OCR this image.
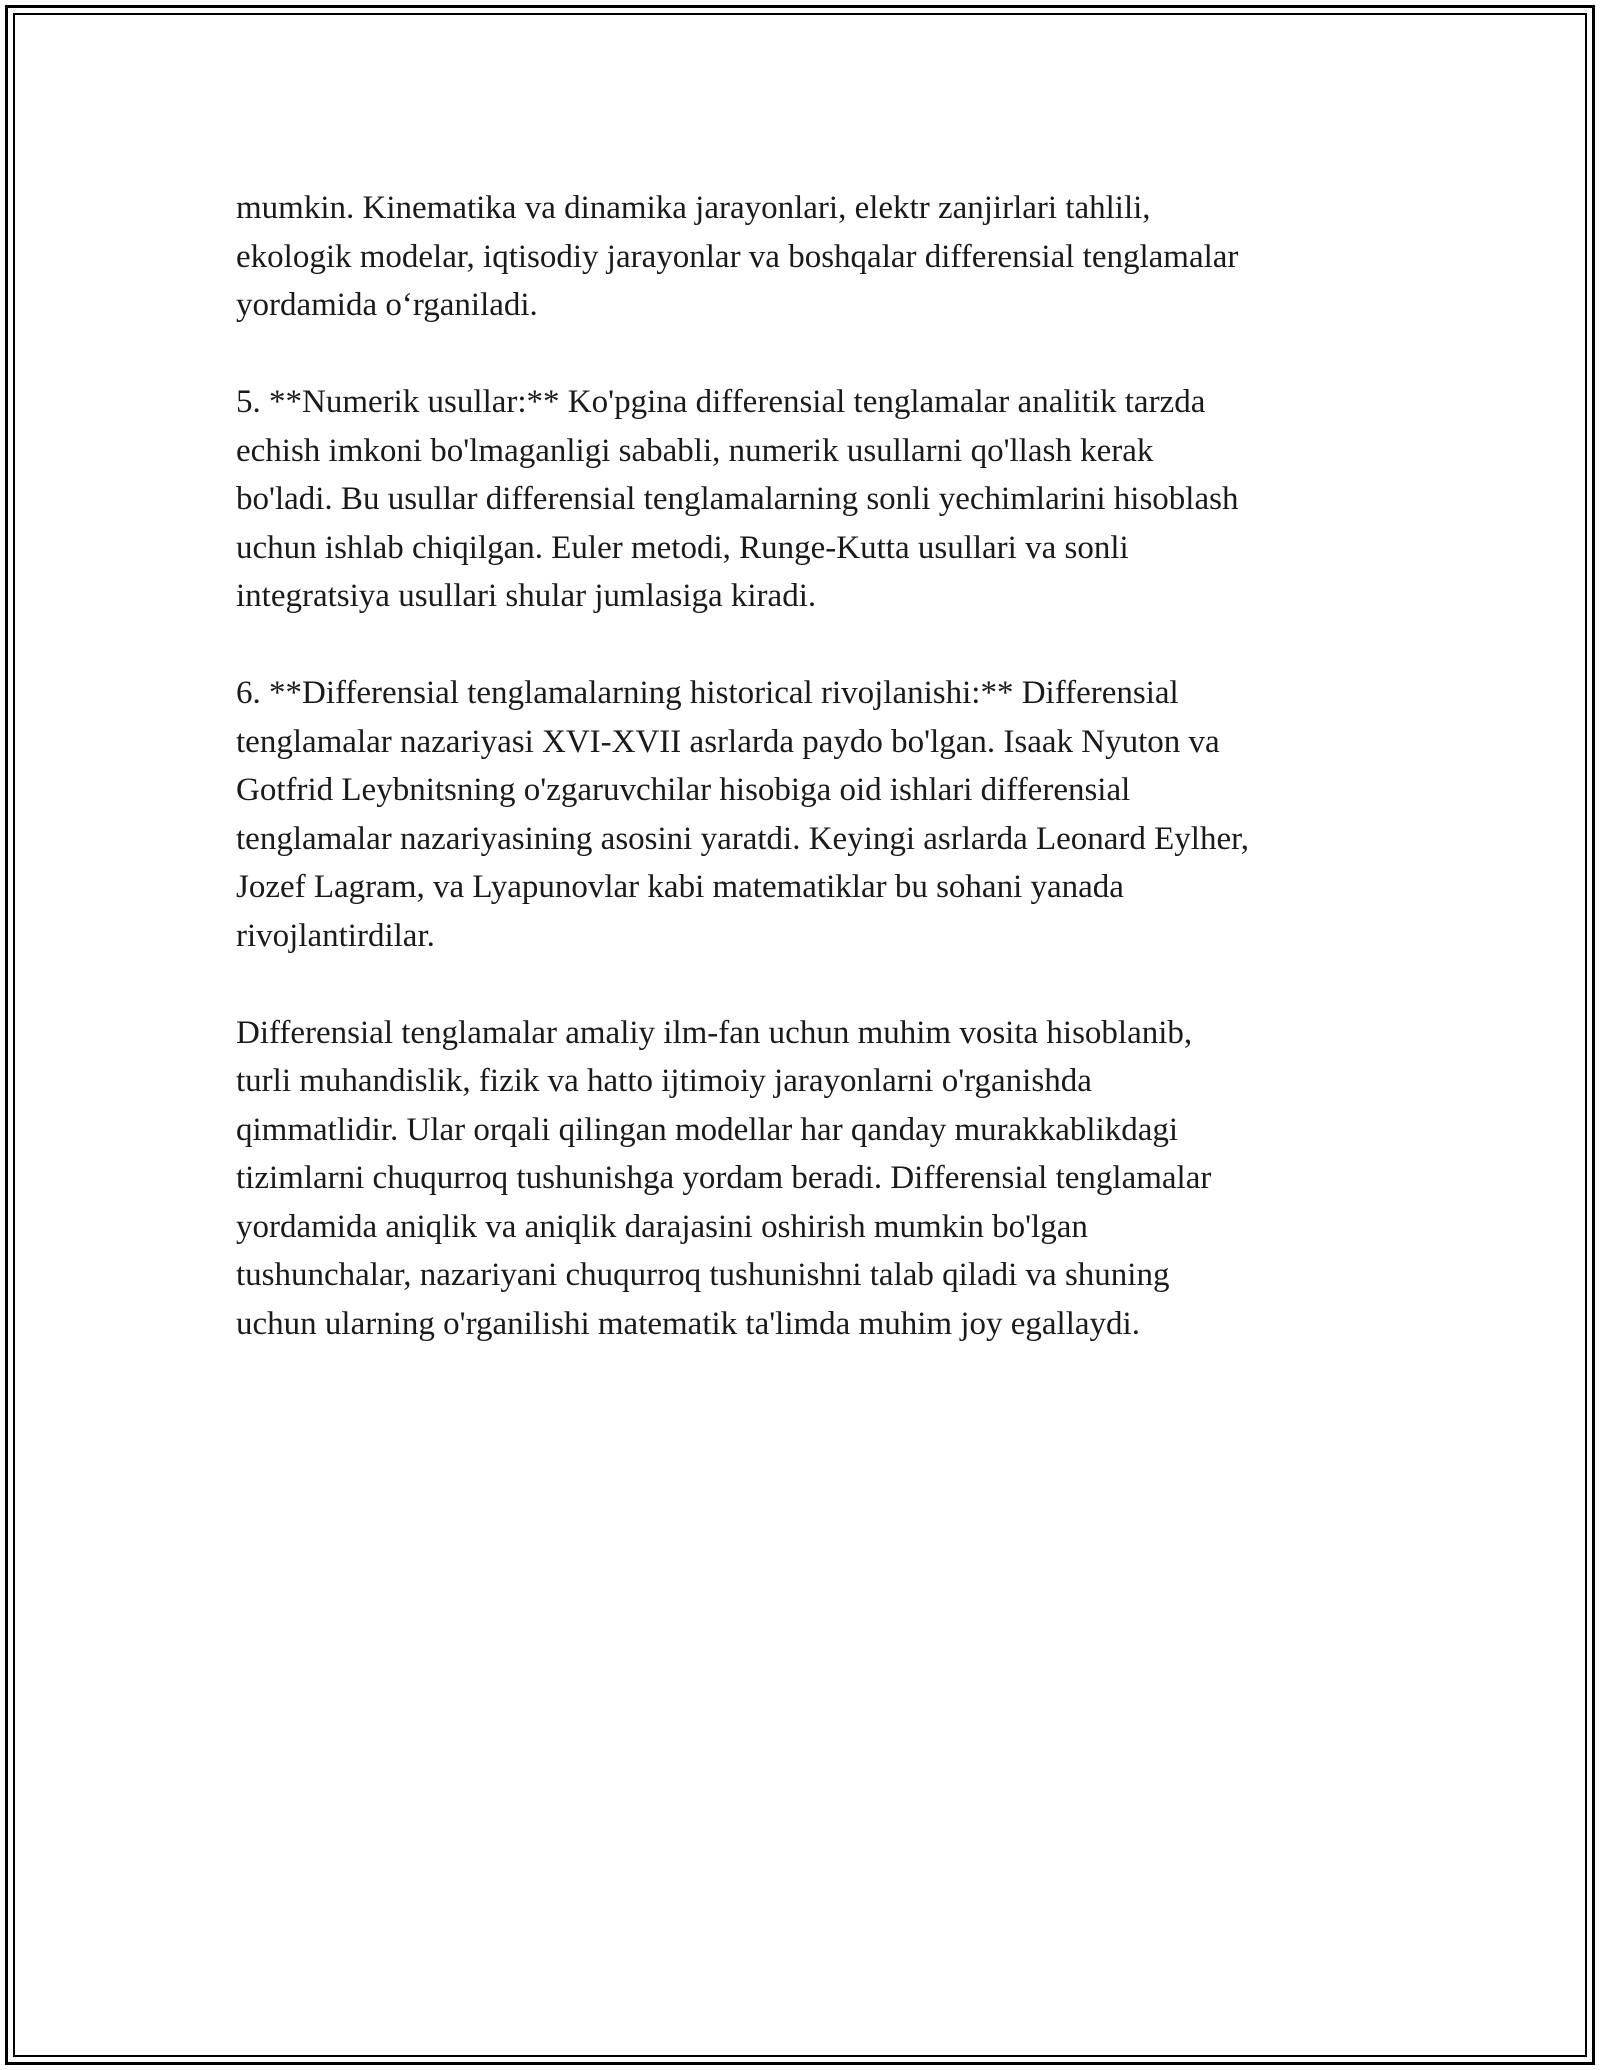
mumkin. Kinematika va dinamika jarayonlari, elektr zanjirlari tahlili,
ekologik modelar, iqtisodiy jarayonlar va boshqalar differensial tenglamalar
yordamida o‘rganiladi.

5. **Numerik usullar:** Ko'pgina differensial tenglamalar analitik tarzda
echish imkoni bo'lmaganligi sababli, numerik usullarni qo'llash kerak
bo'ladi. Bu usullar differensial tenglamalarning sonli yechimlarini hisoblash
uchun ishlab chiqilgan. Euler metodi, Runge-Kutta usullari va sonli
integratsiya usullari shular jumlasiga kiradi.

6. **Differensial tenglamalarning historical rivojlanishi:** Differensial
tenglamalar nazariyasi XVI-XVII asrlarda paydo bo'lgan. Isaak Nyuton va
Gotfrid Leybnitsning o'zgaruvchilar hisobiga oid ishlari differensial
tenglamalar nazariyasining asosini yaratdi. Keyingi asrlarda Leonard Eylher,
Jozef Lagram, va Lyapunovlar kabi matematiklar bu sohani yanada
rivojlantirdilar.

Differensial tenglamalar amaliy ilm-fan uchun muhim vosita hisoblanib,
turli muhandislik, fizik va hatto ijtimoiy jarayonlarni o'rganishda
qimmatlidir. Ular orqali qilingan modellar har qanday murakkablikdagi
tizimlarni chuqurroq tushunishga yordam beradi. Differensial tenglamalar
yordamida aniqlik va aniqlik darajasini oshirish mumkin bo'lgan
tushunchalar, nazariyani chuqurroq tushunishni talab qiladi va shuning
uchun ularning o'rganilishi matematik ta'limda muhim joy egallaydi.
